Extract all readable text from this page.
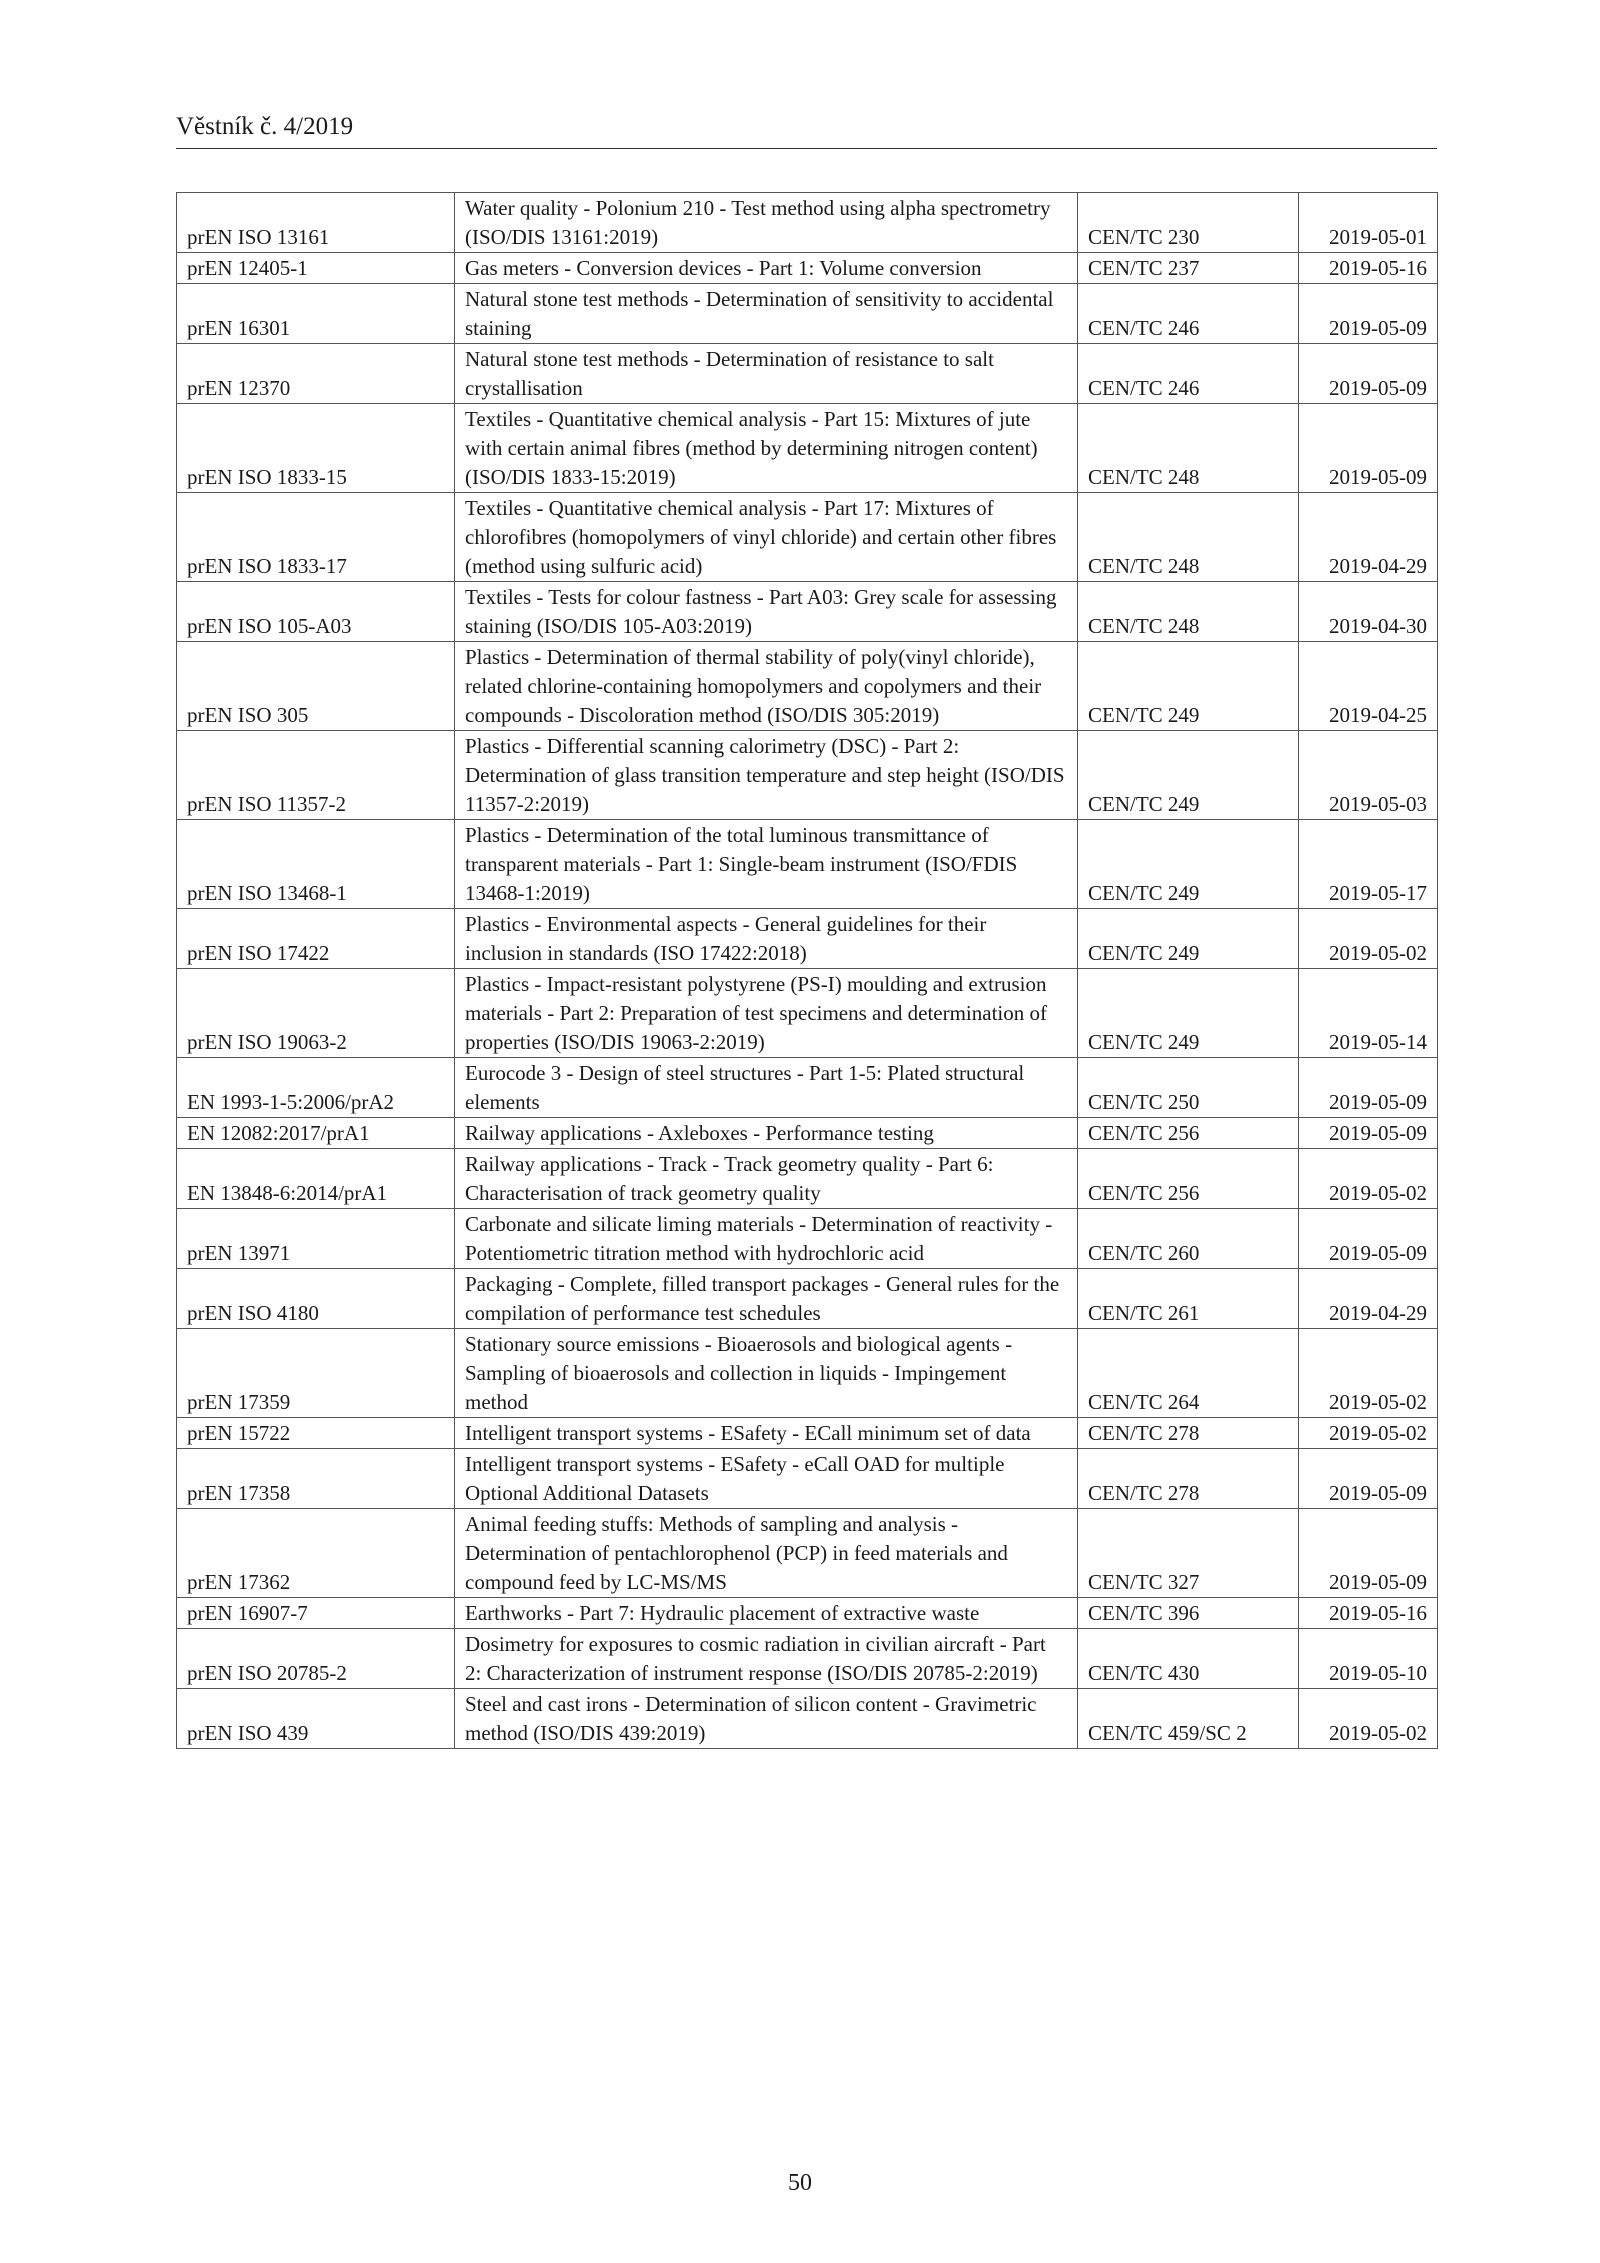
Věstník č. 4/2019
prEN ISO 13161	Water quality - Polonium 210 - Test method using alpha spectrometry (ISO/DIS 13161:2019)	CEN/TC 230	2019-05-01
prEN 12405-1	Gas meters - Conversion devices - Part 1: Volume conversion	CEN/TC 237	2019-05-16
prEN 16301	Natural stone test methods - Determination of sensitivity to accidental staining	CEN/TC 246	2019-05-09
prEN 12370	Natural stone test methods - Determination of resistance to salt crystallisation	CEN/TC 246	2019-05-09
prEN ISO 1833-15	Textiles - Quantitative chemical analysis - Part 15: Mixtures of jute with certain animal fibres (method by determining nitrogen content) (ISO/DIS 1833-15:2019)	CEN/TC 248	2019-05-09
prEN ISO 1833-17	Textiles - Quantitative chemical analysis - Part 17: Mixtures of chlorofibres (homopolymers of vinyl chloride) and certain other fibres (method using sulfuric acid)	CEN/TC 248	2019-04-29
prEN ISO 105-A03	Textiles - Tests for colour fastness - Part A03: Grey scale for assessing staining (ISO/DIS 105-A03:2019)	CEN/TC 248	2019-04-30
prEN ISO 305	Plastics - Determination of thermal stability of poly(vinyl chloride), related chlorine-containing homopolymers and copolymers and their compounds - Discoloration method (ISO/DIS 305:2019)	CEN/TC 249	2019-04-25
prEN ISO 11357-2	Plastics - Differential scanning calorimetry (DSC) - Part 2: Determination of glass transition temperature and step height (ISO/DIS 11357-2:2019)	CEN/TC 249	2019-05-03
prEN ISO 13468-1	Plastics - Determination of the total luminous transmittance of transparent materials - Part 1: Single-beam instrument (ISO/FDIS 13468-1:2019)	CEN/TC 249	2019-05-17
prEN ISO 17422	Plastics - Environmental aspects - General guidelines for their inclusion in standards (ISO 17422:2018)	CEN/TC 249	2019-05-02
prEN ISO 19063-2	Plastics - Impact-resistant polystyrene (PS-I) moulding and extrusion materials - Part 2: Preparation of test specimens and determination of properties (ISO/DIS 19063-2:2019)	CEN/TC 249	2019-05-14
EN 1993-1-5:2006/prA2	Eurocode 3 - Design of steel structures - Part 1-5: Plated structural elements	CEN/TC 250	2019-05-09
EN 12082:2017/prA1	Railway applications - Axleboxes - Performance testing	CEN/TC 256	2019-05-09
EN 13848-6:2014/prA1	Railway applications - Track - Track geometry quality - Part 6: Characterisation of track geometry quality	CEN/TC 256	2019-05-02
prEN 13971	Carbonate and silicate liming materials - Determination of reactivity - Potentiometric titration method with hydrochloric acid	CEN/TC 260	2019-05-09
prEN ISO 4180	Packaging - Complete, filled transport packages - General rules for the compilation of performance test schedules	CEN/TC 261	2019-04-29
prEN 17359	Stationary source emissions - Bioaerosols and biological agents - Sampling of bioaerosols and collection in liquids - Impingement method	CEN/TC 264	2019-05-02
prEN 15722	Intelligent transport systems - ESafety - ECall minimum set of data	CEN/TC 278	2019-05-02
prEN 17358	Intelligent transport systems - ESafety - eCall OAD for multiple Optional Additional Datasets	CEN/TC 278	2019-05-09
prEN 17362	Animal feeding stuffs: Methods of sampling and analysis - Determination of pentachlorophenol (PCP) in feed materials and compound feed by LC-MS/MS	CEN/TC 327	2019-05-09
prEN 16907-7	Earthworks - Part 7: Hydraulic placement of extractive waste	CEN/TC 396	2019-05-16
prEN ISO 20785-2	Dosimetry for exposures to cosmic radiation in civilian aircraft - Part 2: Characterization of instrument response (ISO/DIS 20785-2:2019)	CEN/TC 430	2019-05-10
prEN ISO 439	Steel and cast irons - Determination of silicon content - Gravimetric method (ISO/DIS 439:2019)	CEN/TC 459/SC 2	2019-05-02
50
